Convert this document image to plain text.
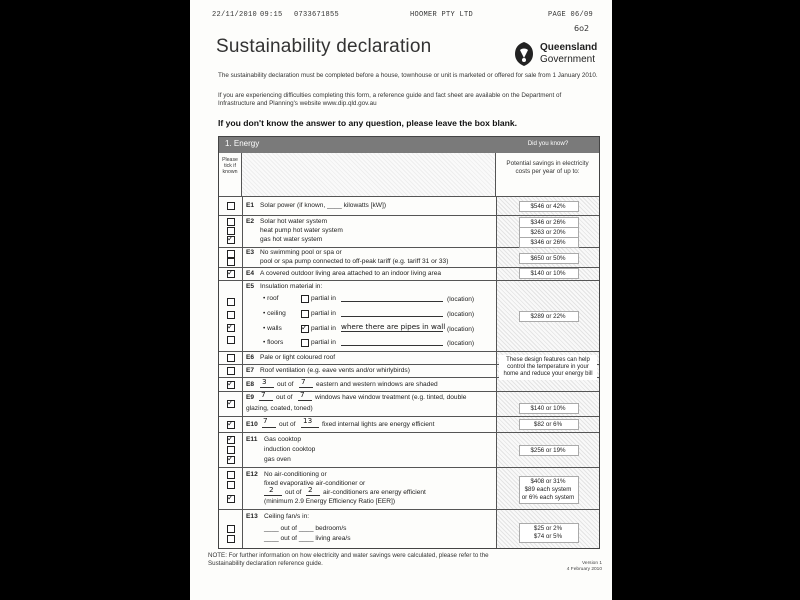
22/11/2010 09:15 0733671855	HOOMER PTY LTD	PAGE 06/09
6o2
Sustainability declaration	Queensland
Government
The sustainability declaration must be completed before a house, townhouse or unit is marketed or offered for sale from 1 January 2010.
If you are experiencing difficulties completing this form, a reference guide and fact sheet are available on the Department of Infrastructure and Planning's website www.dip.qld.gov.au
If you don't know the answer to any question, please leave the box blank.
1. Energy	Did you know?
Please tick if known
Potential savings in electricity costs per year of up to:
E1 Solar power (if known, ____ kilowatts [kW])	$546 or 42%
✓
E2 Solar hot water system
heat pump hot water system
gas hot water system
$346 or 26%
$263 or 20%
$346 or 26%
E3 No swimming pool or spa or
pool or spa pump connected to off-peak tariff (e.g. tariff 31 or 33)	$650 or 50%
✓
E4 A covered outdoor living area attached to an indoor living area	$140 or 10%
E5 Insulation material in:
• roof	partial in	(location)
• ceiling	partial in	(location)
✓
• walls
✓	partial in where there are pipes in wall (location)
• floors	partial in	(location)
$289 or 22%
E6 Pale or light coloured roof
E7 Roof ventilation (e.g. eave vents and/or whirlybirds)
✓
E8 3 out of 7 eastern and western windows are shaded
These design features can help control the temperature in your home and reduce your energy bill
✓
E9 7 out of 7 windows have window treatment (e.g. tinted, double
glazing, coated, toned)	$140 or 10%
✓
E10 7 out of 13 fixed internal lights are energy efficient	$82 or 6%
✓
✓
E11 Gas cooktop
induction cooktop
gas oven
$256 or 19%
✓
E12 No air-conditioning or
fixed evaporative air-conditioner or
2 out of 2 air-conditioners are energy efficient
(minimum 2.9 Energy Efficiency Ratio [EER])
$408 or 31%
$89 each system
or 6% each system
E13 Ceiling fan/s in:
____ out of ____ bedroom/s
____ out of ____ living area/s
$25 or 2%
$74 or 5%
NOTE: For further information on how electricity and water savings were calculated, please refer to the Sustainability declaration reference guide.	Version 1
4 February 2010
